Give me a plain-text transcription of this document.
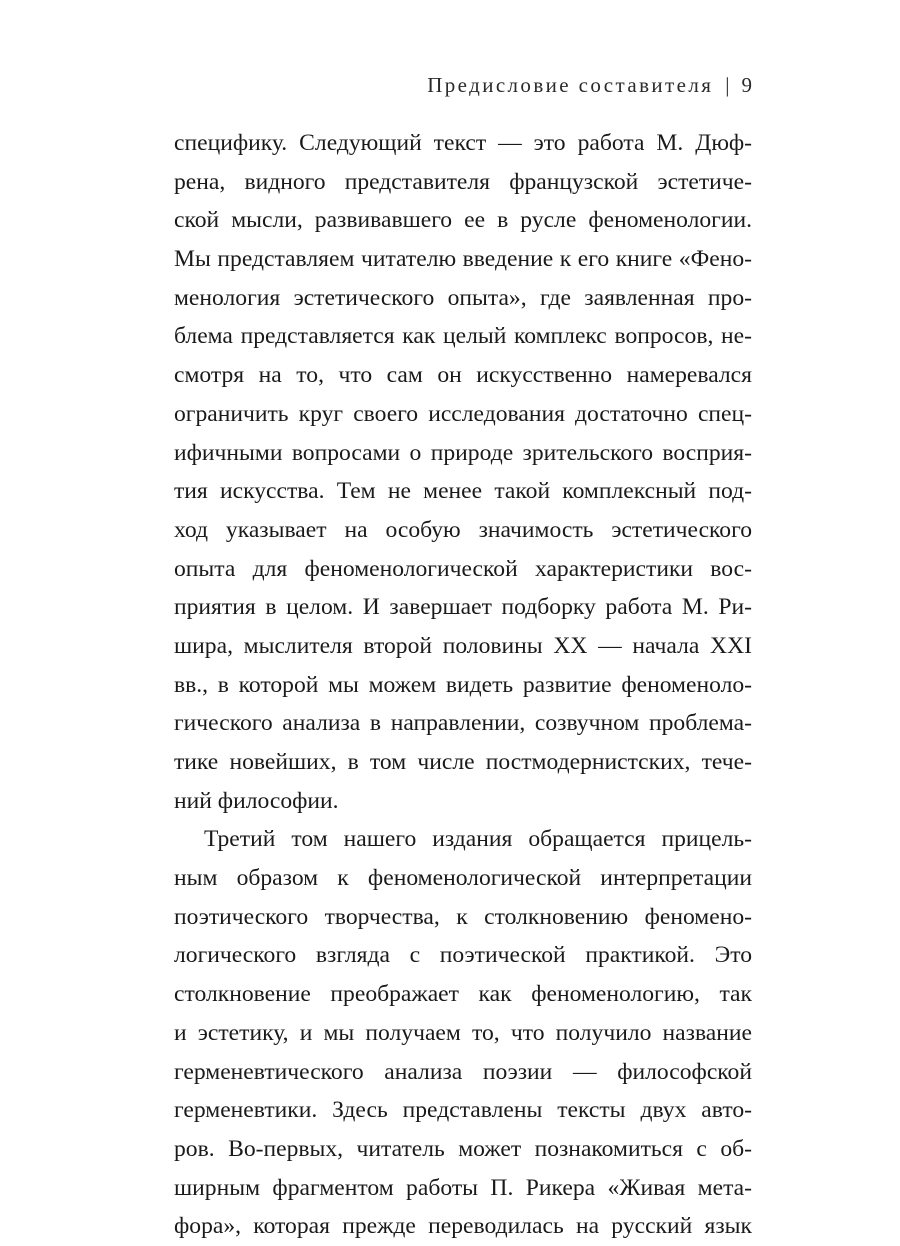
Предисловие составителя | 9
специфику. Следующий текст — это работа М. Дюф-
рена, видного представителя французской эстетиче-
ской мысли, развивавшего ее в русле феноменологии.
Мы представляем читателю введение к его книге «Фено-
менология эстетического опыта», где заявленная про-
блема представляется как целый комплекс вопросов, не-
смотря на то, что сам он искусственно намеревался
ограничить круг своего исследования достаточно спец-
ифичными вопросами о природе зрительского восприя-
тия искусства. Тем не менее такой комплексный под-
ход указывает на особую значимость эстетического
опыта для феноменологической характеристики вос-
приятия в целом. И завершает подборку работа М. Ри-
шира, мыслителя второй половины XX — начала XXI
вв., в которой мы можем видеть развитие феноменоло-
гического анализа в направлении, созвучном проблема-
тике новейших, в том числе постмодернистских, тече-
ний философии.
Третий том нашего издания обращается прицель-
ным образом к феноменологической интерпретации
поэтического творчества, к столкновению феномено-
логического взгляда с поэтической практикой. Это
столкновение преображает как феноменологию, так
и эстетику, и мы получаем то, что получило название
герменевтического анализа поэзии — философской
герменевтики. Здесь представлены тексты двух авто-
ров. Во-первых, читатель может познакомиться с об-
ширным фрагментом работы П. Рикера «Живая мета-
фора», которая прежде переводилась на русский язык
